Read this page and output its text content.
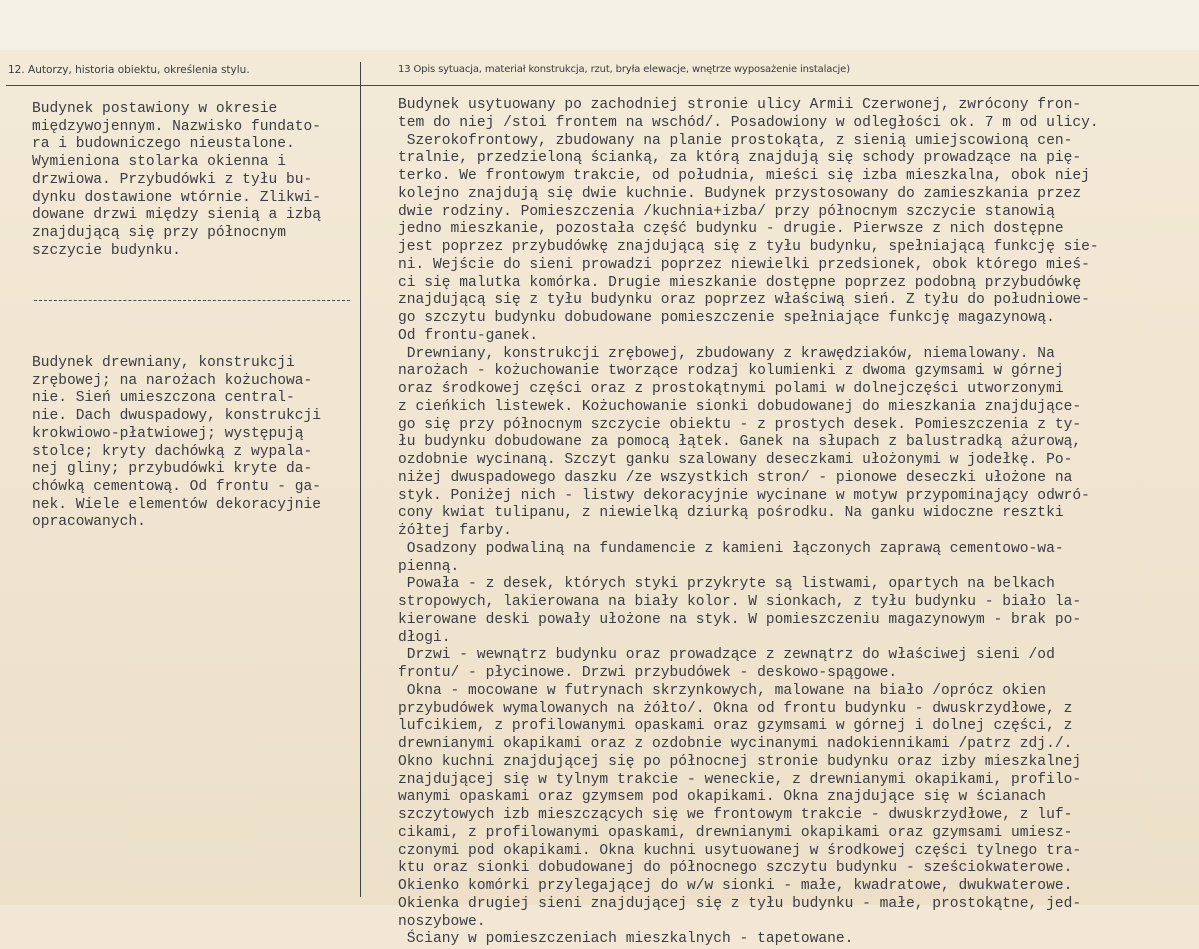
12. Autorzy, historia obiektu, określenia stylu.	13 Opis sytuacja, materiał konstrukcja, rzut, bryła elewacje, wnętrze wyposażenie instalacje)
Budynek postawiony w okresie
międzywojennym. Nazwisko fundato-
ra i budowniczego nieustalone.
Wymieniona stolarka okienna i
drzwiowa. Przybudówki z tyłu bu-
dynku dostawione wtórnie. Zlikwi-
dowane drzwi między sienią a izbą
znajdującą się przy północnym
szczycie budynku.
Budynek drewniany, konstrukcji
zrębowej; na narożach kożuchowa-
nie. Sień umieszczona central-
nie. Dach dwuspadowy, konstrukcji
krokwiowo-płatwiowej; występują
stolce; kryty dachówką z wypala-
nej gliny; przybudówki kryte da-
chówką cementową. Od frontu - ga-
nek. Wiele elementów dekoracyjnie
opracowanych.
Budynek usytuowany po zachodniej stronie ulicy Armii Czerwonej, zwrócony fron-
tem do niej /stoi frontem na wschód/. Posadowiony w odległości ok. 7 m od ulicy.
Szerokofrontowy, zbudowany na planie prostokąta, z sienią umiejscowioną cen-
tralnie, przedzieloną ścianką, za którą znajdują się schody prowadzące na pię-
terko. We frontowym trakcie, od południa, mieści się izba mieszkalna, obok niej
kolejno znajdują się dwie kuchnie. Budynek przystosowany do zamieszkania przez
dwie rodziny. Pomieszczenia /kuchnia+izba/ przy północnym szczycie stanowią
jedno mieszkanie, pozostała część budynku - drugie. Pierwsze z nich dostępne
jest poprzez przybudówkę znajdującą się z tyłu budynku, spełniającą funkcję sie-
ni. Wejście do sieni prowadzi poprzez niewielki przedsionek, obok którego mieś-
ci się malutka komórka. Drugie mieszkanie dostępne poprzez podobną przybudówkę
znajdującą się z tyłu budynku oraz poprzez właściwą sień. Z tyłu do południowe-
go szczytu budynku dobudowane pomieszczenie spełniające funkcję magazynową.
Od frontu-ganek.
Drewniany, konstrukcji zrębowej, zbudowany z krawędziaków, niemalowany. Na
narożach - kożuchowanie tworzące rodzaj kolumienki z dwoma gzymsami w górnej
oraz środkowej części oraz z prostokątnymi polami w dolnejczęści utworzonymi
z cieńkich listewek. Kożuchowanie sionki dobudowanej do mieszkania znajdujące-
go się przy północnym szczycie obiektu - z prostych desek. Pomieszczenia z ty-
łu budynku dobudowane za pomocą łątek. Ganek na słupach z balustradką ażurową,
ozdobnie wycinaną. Szczyt ganku szalowany deseczkami ułożonymi w jodełkę. Po-
niżej dwuspadowego daszku /ze wszystkich stron/ - pionowe deseczki ułożone na
styk. Poniżej nich - listwy dekoracyjnie wycinane w motyw przypominający odwró-
cony kwiat tulipanu, z niewielką dziurką pośrodku. Na ganku widoczne resztki
żółtej farby.
Osadzony podwaliną na fundamencie z kamieni łączonych zaprawą cementowo-wa-
pienną.
Powała - z desek, których styki przykryte są listwami, opartych na belkach
stropowych, lakierowana na biały kolor. W sionkach, z tyłu budynku - biało la-
kierowane deski powały ułożone na styk. W pomieszczeniu magazynowym - brak po-
dłogi.
Drzwi - wewnątrz budynku oraz prowadzące z zewnątrz do właściwej sieni /od
frontu/ - płycinowe. Drzwi przybudówek - deskowo-spągowe.
Okna - mocowane w futrynach skrzynkowych, malowane na biało /oprócz okien
przybudówek wymalowanych na żółto/. Okna od frontu budynku - dwuskrzydłowe, z
lufcikiem, z profilowanymi opaskami oraz gzymsami w górnej i dolnej części, z
drewnianymi okapikami oraz z ozdobnie wycinanymi nadokiennikami /patrz zdj./.
Okno kuchni znajdującej się po północnej stronie budynku oraz izby mieszkalnej
znajdującej się w tylnym trakcie - weneckie, z drewnianymi okapikami, profilo-
wanymi opaskami oraz gzymsem pod okapikami. Okna znajdujące się w ścianach
szczytowych izb mieszczących się we frontowym trakcie - dwuskrzydłowe, z luf-
cikami, z profilowanymi opaskami, drewnianymi okapikami oraz gzymsami umiesz-
czonymi pod okapikami. Okna kuchni usytuowanej w środkowej części tylnego tra-
ktu oraz sionki dobudowanej do północnego szczytu budynku - sześciokwaterowe.
Okienko komórki przylegającej do w/w sionki - małe, kwadratowe, dwukwaterowe.
Okienka drugiej sieni znajdującej się z tyłu budynku - małe, prostokątne, jed-
noszybowe.
Ściany w pomieszczeniach mieszkalnych - tapetowane.
